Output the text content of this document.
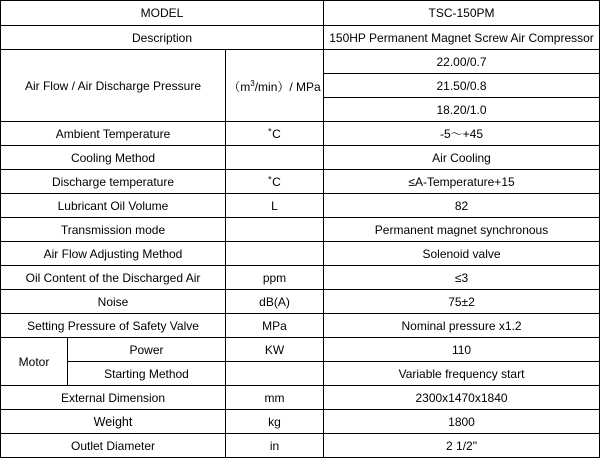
MODEL			TSC-150PM
Description			150HP Permanent Magnet Screw Air Compressor
Air Flow / Air Discharge Pressure		$(m^3/\min)/$ MPa	22.00/0.7
			21.50/0.8
			18.20/1.0
Ambient Temperature		˚C	-5～+45
Cooling Method			Air Cooling
Discharge temperature		˚C	≤A-Temperature+15
Lubricant Oil Volume		L	82
Transmission mode			Permanent magnet synchronous
Air Flow Adjusting Method			Solenoid valve
Oil Content of the Discharged Air		ppm	≤3
Noise		dB(A)	75±2
Setting Pressure of Safety Valve		MPa	Nominal pressure x1.2
Motor	Power	KW	110
	Starting Method		Variable frequency start
External Dimension		mm	2300x1470x1840
Weight		kg	1800
Outlet Diameter		in	2 1/2"
